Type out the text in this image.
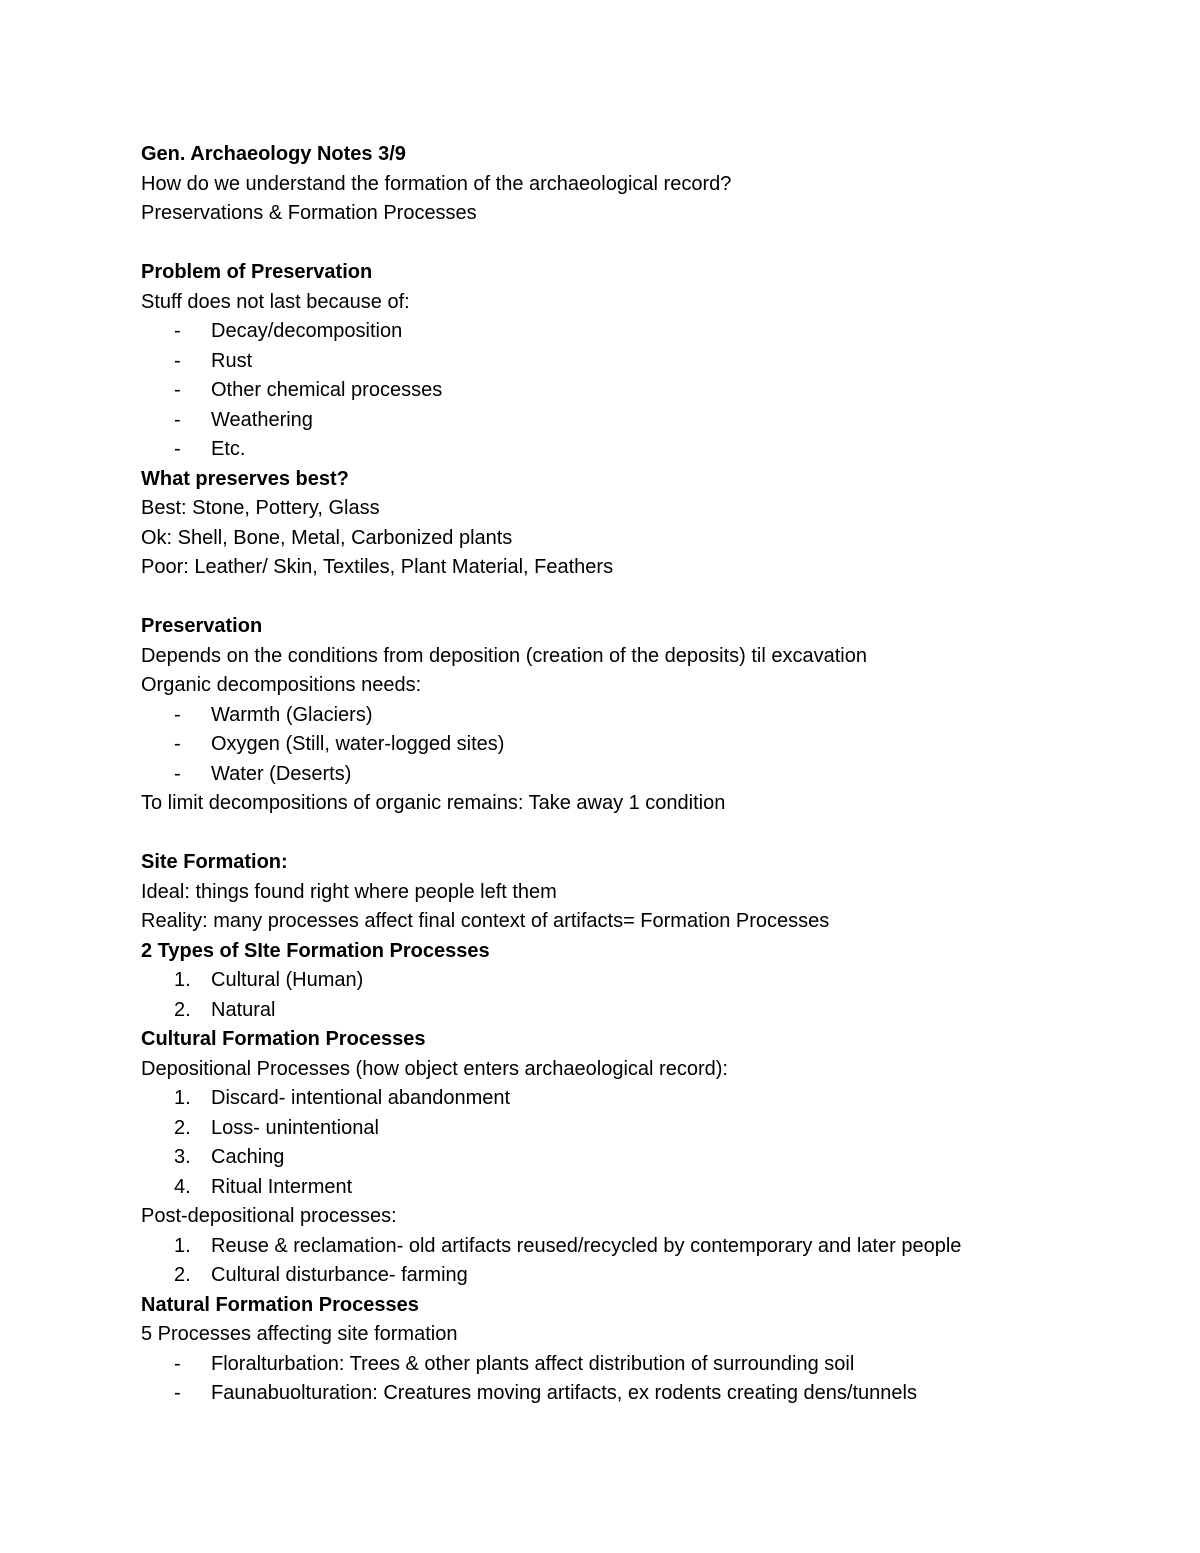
Gen. Archaeology Notes 3/9
How do we understand the formation of the archaeological record?
Preservations & Formation Processes
Problem of Preservation
Stuff does not last because of:
- Decay/decomposition
- Rust
- Other chemical processes
- Weathering
- Etc.
What preserves best?
Best: Stone, Pottery, Glass
Ok: Shell, Bone, Metal, Carbonized plants
Poor: Leather/ Skin, Textiles, Plant Material, Feathers
Preservation
Depends on the conditions from deposition (creation of the deposits) til excavation
Organic decompositions needs:
- Warmth (Glaciers)
- Oxygen (Still, water-logged sites)
- Water (Deserts)
To limit decompositions of organic remains: Take away 1 condition
Site Formation:
Ideal: things found right where people left them
Reality: many processes affect final context of artifacts= Formation Processes
2 Types of SIte Formation Processes
1. Cultural (Human)
2. Natural
Cultural Formation Processes
Depositional Processes (how object enters archaeological record):
1. Discard- intentional abandonment
2. Loss- unintentional
3. Caching
4. Ritual Interment
Post-depositional processes:
1. Reuse & reclamation- old artifacts reused/recycled by contemporary and later people
2. Cultural disturbance- farming
Natural Formation Processes
5 Processes affecting site formation
- Floralturbation: Trees & other plants affect distribution of surrounding soil
- Faunabuolturation: Creatures moving artifacts, ex rodents creating dens/tunnels
